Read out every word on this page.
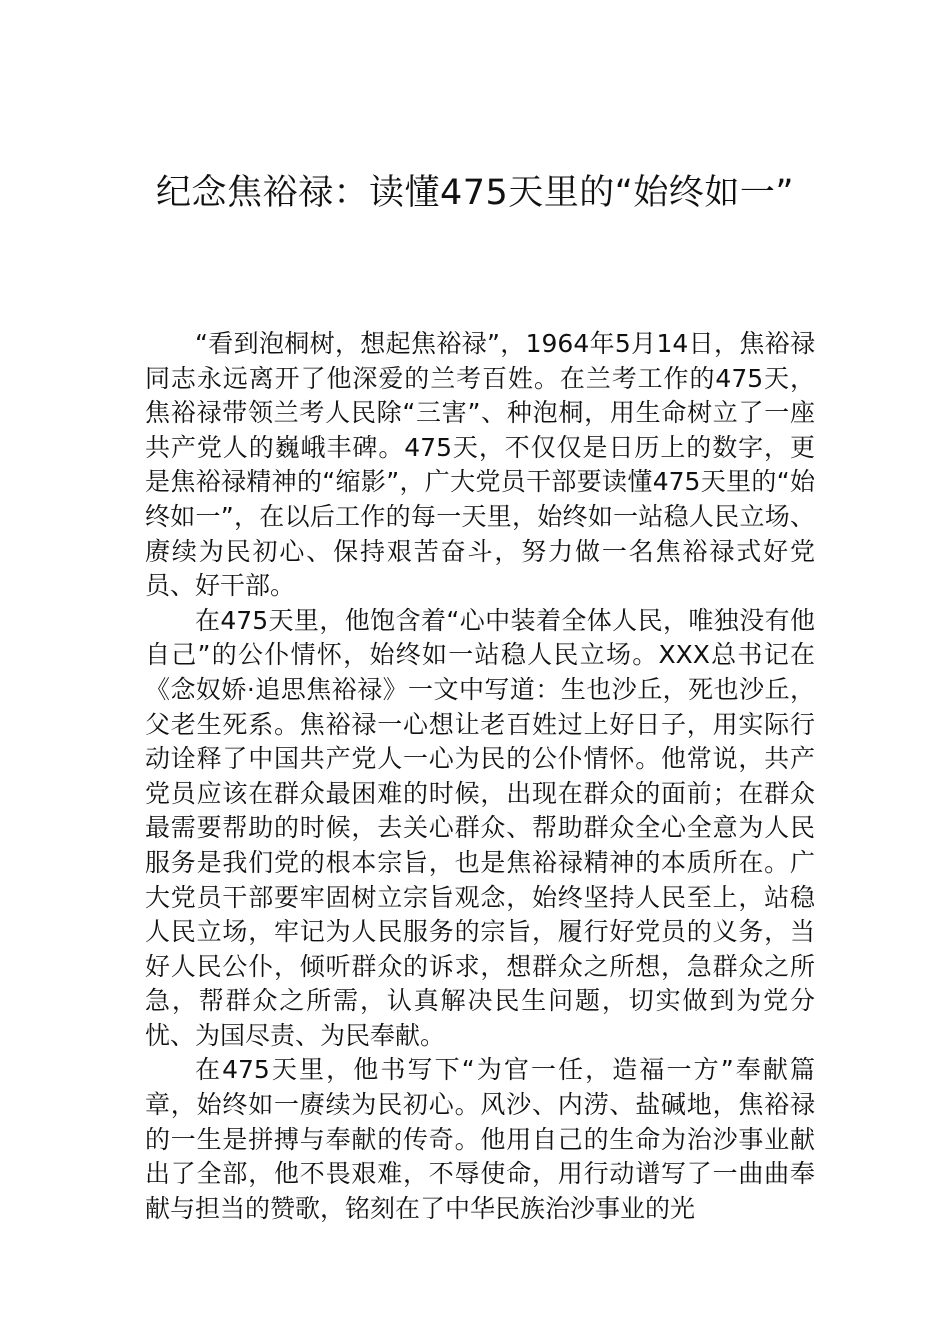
纪念焦裕禄：读懂475天里的“始终如一”

“看到泡桐树，想起焦裕禄”，1964年5月14日，焦裕禄同志永远离开了他深爱的兰考百姓。在兰考工作的475天，焦裕禄带领兰考人民除“三害”、种泡桐，用生命树立了一座共产党人的巍峨丰碑。475天，不仅仅是日历上的数字，更是焦裕禄精神的“缩影”，广大党员干部要读懂475天里的“始终如一”，在以后工作的每一天里，始终如一站稳人民立场、赓续为民初心、保持艰苦奋斗，努力做一名焦裕禄式好党员、好干部。

在475天里，他饱含着“心中装着全体人民，唯独没有他自己”的公仆情怀，始终如一站稳人民立场。XXX总书记在《念奴娇·追思焦裕禄》一文中写道：生也沙丘，死也沙丘，父老生死系。焦裕禄一心想让老百姓过上好日子，用实际行动诠释了中国共产党人一心为民的公仆情怀。他常说，共产党员应该在群众最困难的时候，出现在群众的面前；在群众最需要帮助的时候，去关心群众、帮助群众全心全意为人民服务是我们党的根本宗旨，也是焦裕禄精神的本质所在。广大党员干部要牢固树立宗旨观念，始终坚持人民至上，站稳人民立场，牢记为人民服务的宗旨，履行好党员的义务，当好人民公仆，倾听群众的诉求，想群众之所想，急群众之所急，帮群众之所需，认真解决民生问题，切实做到为党分忧、为国尽责、为民奉献。

在475天里，他书写下“为官一任，造福一方”奉献篇章，始终如一赓续为民初心。风沙、内涝、盐碱地，焦裕禄的一生是拼搏与奉献的传奇。他用自己的生命为治沙事业献出了全部，他不畏艰难，不辱使命，用行动谱写了一曲曲奉献与担当的赞歌，铭刻在了中华民族治沙事业的光
